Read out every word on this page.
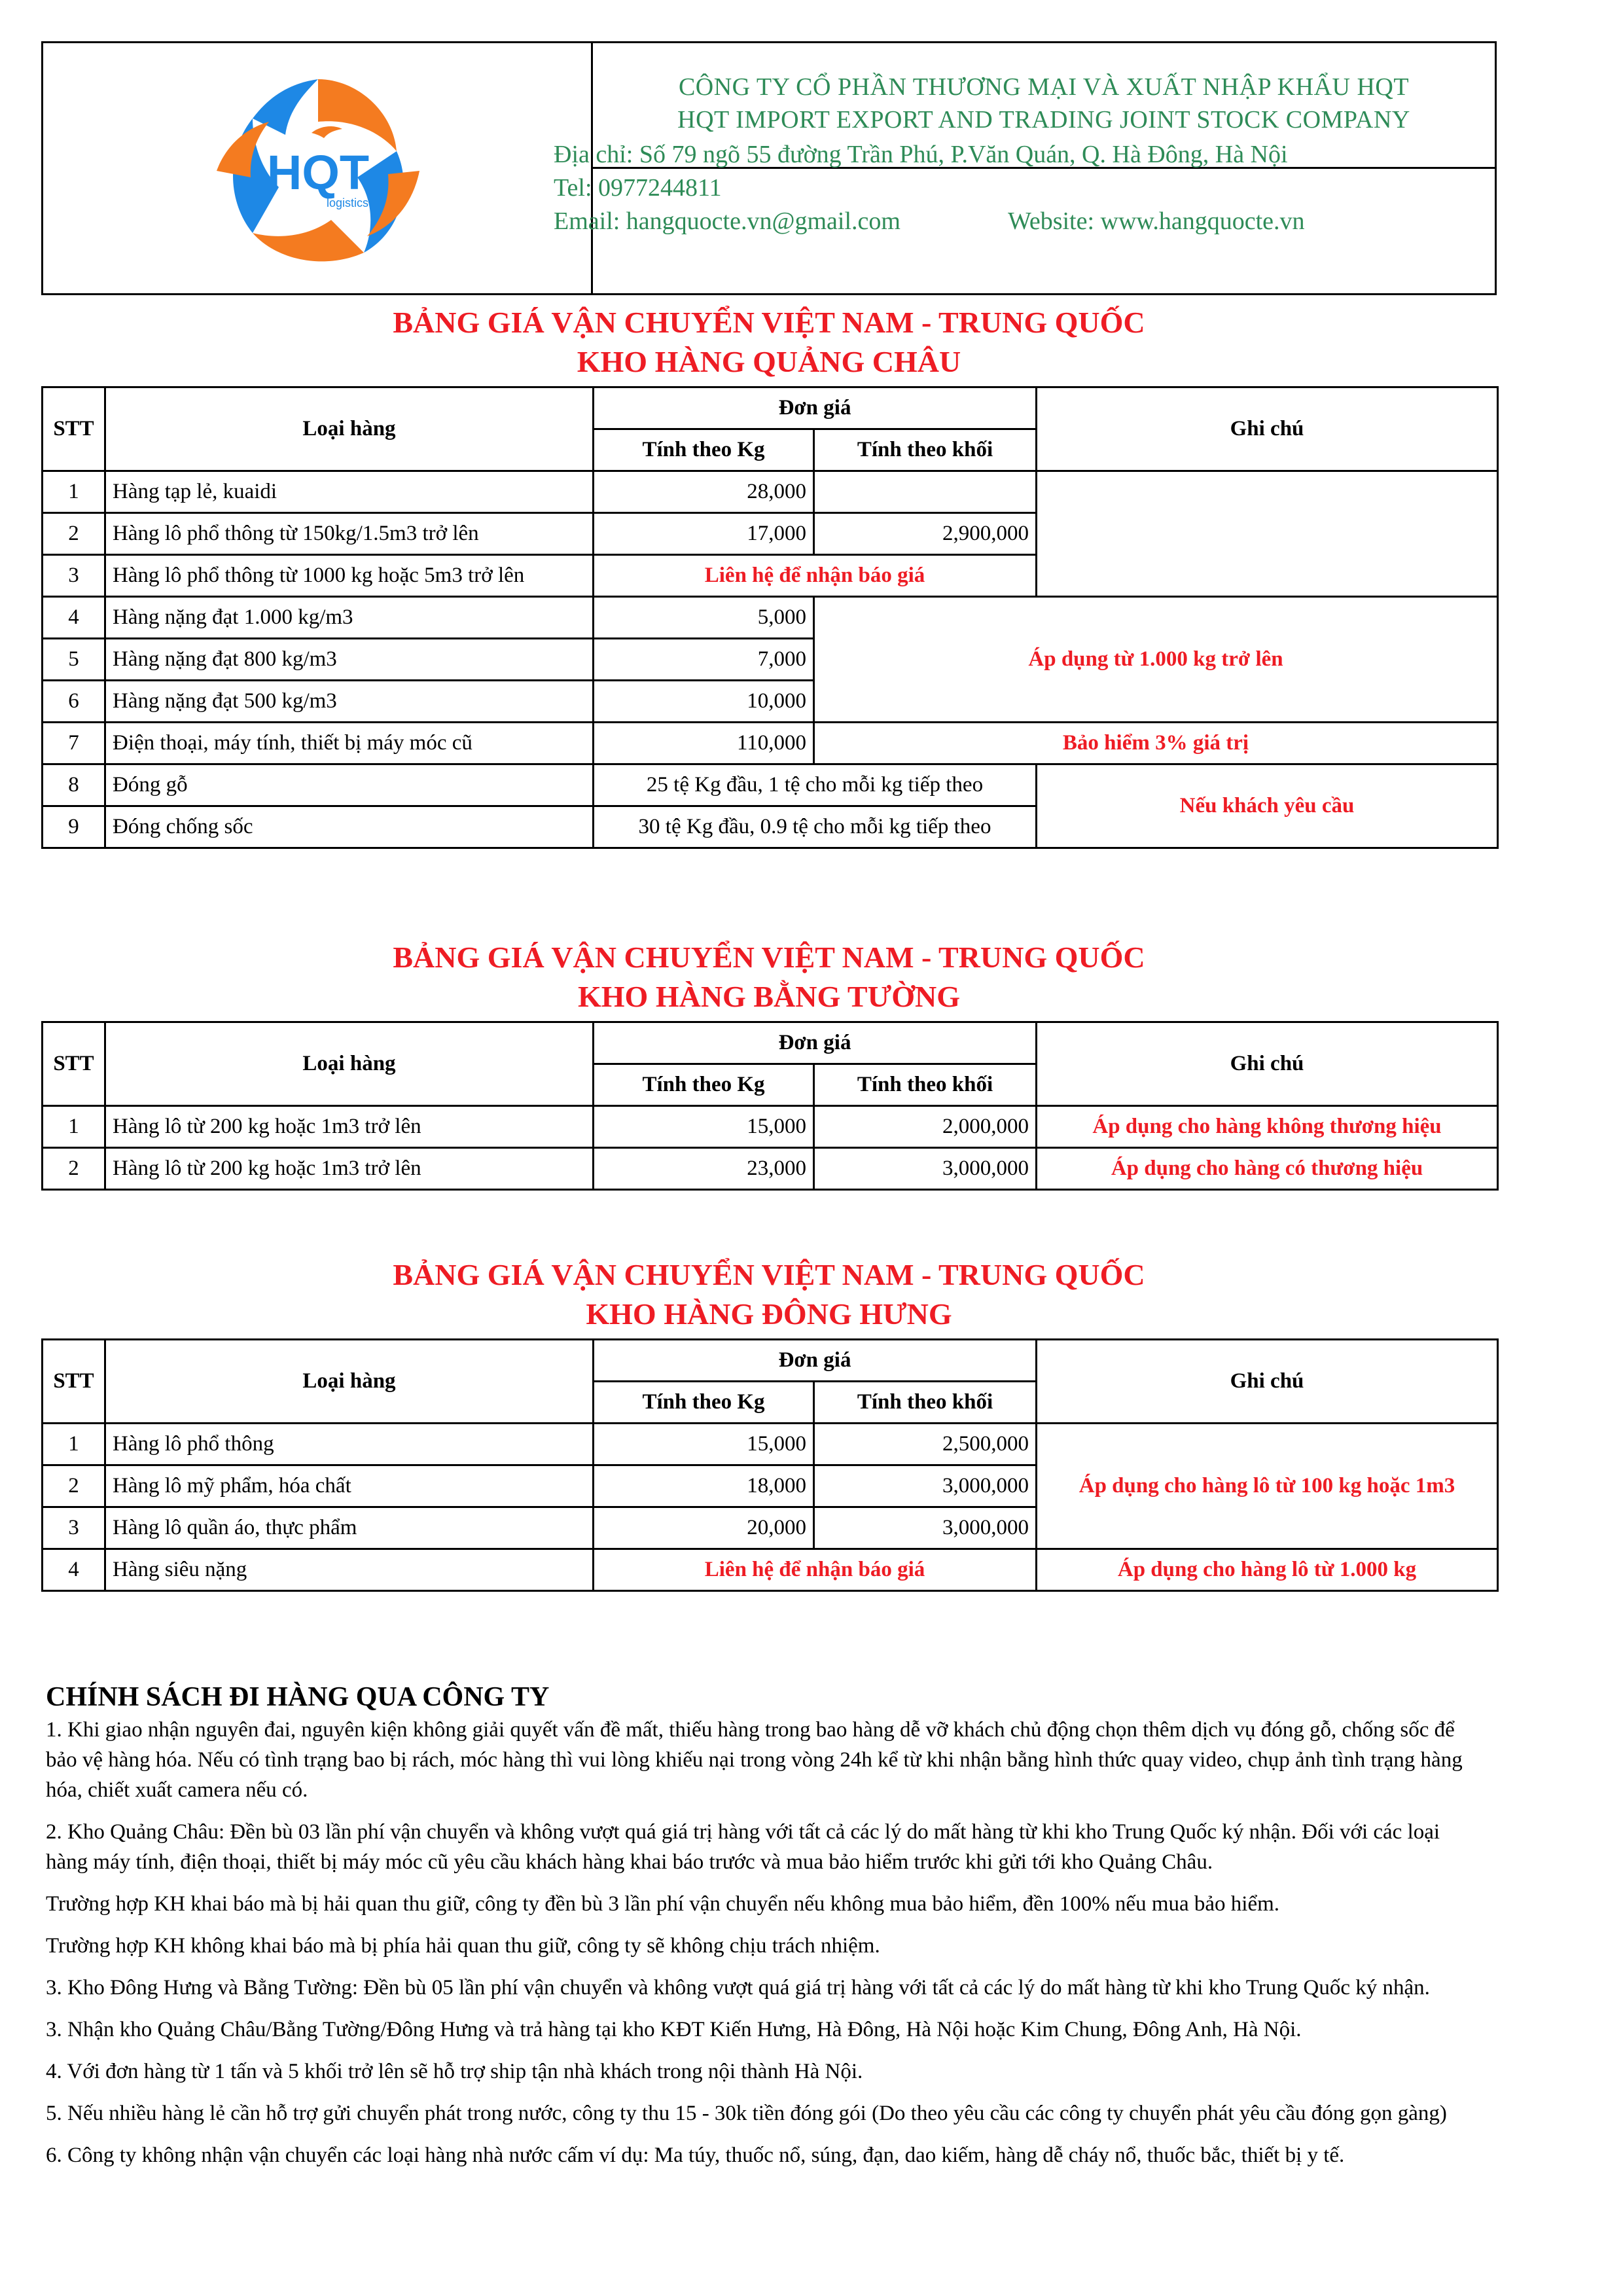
HQT
logistics
CÔNG TY CỔ PHẦN THƯƠNG MẠI VÀ XUẤT NHẬP KHẨU HQT
HQT IMPORT EXPORT AND TRADING JOINT STOCK COMPANY
Địa chỉ: Số 79 ngõ 55 đường Trần Phú, P.Văn Quán, Q. Hà Đông, Hà Nội
Tel: 0977244811
Email: hangquocte.vn@gmail.com	Website: www.hangquocte.vn
BẢNG GIÁ VẬN CHUYỂN VIỆT NAM - TRUNG QUỐC
KHO HÀNG QUẢNG CHÂU
STT	Loại hàng	Đơn giá		Ghi chú
		Tính theo Kg	Tính theo khối	
1	Hàng tạp lẻ, kuaidi	28,000		
2	Hàng lô phổ thông từ 150kg/1.5m3 trở lên	17,000	2,900,000	
3	Hàng lô phổ thông từ 1000 kg hoặc 5m3 trở lên	Liên hệ để nhận báo giá		
4	Hàng nặng đạt 1.000 kg/m3	5,000	Áp dụng từ 1.000 kg trở lên	
5	Hàng nặng đạt 800 kg/m3	7,000		
6	Hàng nặng đạt 500 kg/m3	10,000		
7	Điện thoại, máy tính, thiết bị máy móc cũ	110,000	Bảo hiểm 3% giá trị	
8	Đóng gỗ	25 tệ Kg đầu, 1 tệ cho mỗi kg tiếp theo		Nếu khách yêu cầu
9	Đóng chống sốc	30 tệ Kg đầu, 0.9 tệ cho mỗi kg tiếp theo		
BẢNG GIÁ VẬN CHUYỂN VIỆT NAM - TRUNG QUỐC
KHO HÀNG BẰNG TƯỜNG
STT	Loại hàng	Đơn giá		Ghi chú
		Tính theo Kg	Tính theo khối	
1	Hàng lô từ 200 kg hoặc 1m3 trở lên	15,000	2,000,000	Áp dụng cho hàng không thương hiệu
2	Hàng lô từ 200 kg hoặc 1m3 trở lên	23,000	3,000,000	Áp dụng cho hàng có thương hiệu
BẢNG GIÁ VẬN CHUYỂN VIỆT NAM - TRUNG QUỐC
KHO HÀNG ĐÔNG HƯNG
STT	Loại hàng	Đơn giá		Ghi chú
		Tính theo Kg	Tính theo khối	
1	Hàng lô phổ thông	15,000	2,500,000	Áp dụng cho hàng lô từ 100 kg hoặc 1m3
2	Hàng lô mỹ phẩm, hóa chất	18,000	3,000,000	
3	Hàng lô quần áo, thực phẩm	20,000	3,000,000	
4	Hàng siêu nặng	Liên hệ để nhận báo giá		Áp dụng cho hàng lô từ 1.000 kg
CHÍNH SÁCH ĐI HÀNG QUA CÔNG TY

1. Khi giao nhận nguyên đai, nguyên kiện không giải quyết vấn đề mất, thiếu hàng trong bao hàng dễ vỡ khách chủ động chọn thêm dịch vụ đóng gỗ, chống sốc để bảo vệ hàng hóa. Nếu có tình trạng bao bị rách, móc hàng thì vui lòng khiếu nại trong vòng 24h kể từ khi nhận bằng hình thức quay video, chụp ảnh tình trạng hàng hóa, chiết xuất camera nếu có.

2. Kho Quảng Châu: Đền bù 03 lần phí vận chuyển và không vượt quá giá trị hàng với tất cả các lý do mất hàng từ khi kho Trung Quốc ký nhận. Đối với các loại hàng máy tính, điện thoại, thiết bị máy móc cũ yêu cầu khách hàng khai báo trước và mua bảo hiểm trước khi gửi tới kho Quảng Châu.

Trường hợp KH khai báo mà bị hải quan thu giữ, công ty đền bù 3 lần phí vận chuyển nếu không mua bảo hiểm, đền 100% nếu mua bảo hiểm.

Trường hợp KH không khai báo mà bị phía hải quan thu giữ, công ty sẽ không chịu trách nhiệm.

3. Kho Đông Hưng và Bằng Tường: Đền bù 05 lần phí vận chuyển và không vượt quá giá trị hàng với tất cả các lý do mất hàng từ khi kho Trung Quốc ký nhận.

3. Nhận kho Quảng Châu/Bằng Tường/Đông Hưng và trả hàng tại kho KĐT Kiến Hưng, Hà Đông, Hà Nội hoặc Kim Chung, Đông Anh, Hà Nội.

4. Với đơn hàng từ 1 tấn và 5 khối trở lên sẽ hỗ trợ ship tận nhà khách trong nội thành Hà Nội.

5. Nếu nhiều hàng lẻ cần hỗ trợ gửi chuyển phát trong nước, công ty thu 15 - 30k tiền đóng gói (Do theo yêu cầu các công ty chuyển phát yêu cầu đóng gọn gàng)

6. Công ty không nhận vận chuyển các loại hàng nhà nước cấm ví dụ: Ma túy, thuốc nổ, súng, đạn, dao kiếm, hàng dễ cháy nổ, thuốc bắc, thiết bị y tế.
